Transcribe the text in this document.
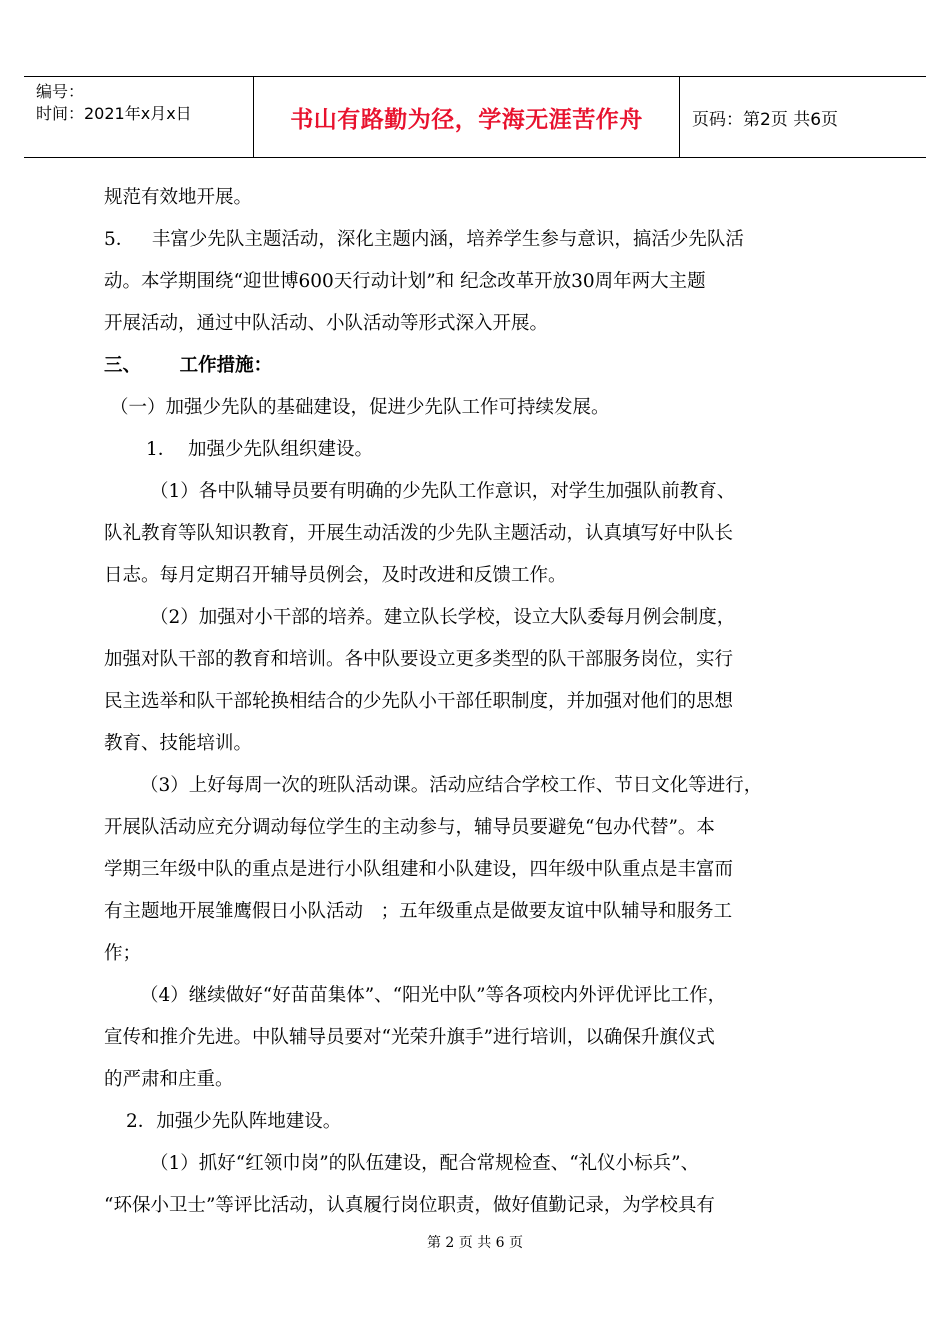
编号：
时间：2021年x月x日	书山有路勤为径，学海无涯苦作舟	页码：第2页 共6页
规范有效地开展。
5．   丰富少先队主题活动，深化主题内涵，培养学生参与意识，搞活少先队活
动。本学期围绕“迎世博600天行动计划”和 纪念改革开放30周年两大主题
开展活动，通过中队活动、小队活动等形式深入开展。
三、      工作措施：
（一）加强少先队的基础建设，促进少先队工作可持续发展。
1．  加强少先队组织建设。
（1）各中队辅导员要有明确的少先队工作意识，对学生加强队前教育、
队礼教育等队知识教育，开展生动活泼的少先队主题活动，认真填写好中队长
日志。每月定期召开辅导员例会，及时改进和反馈工作。
（2）加强对小干部的培养。建立队长学校，设立大队委每月例会制度，
加强对队干部的教育和培训。各中队要设立更多类型的队干部服务岗位，实行
民主选举和队干部轮换相结合的少先队小干部任职制度，并加强对他们的思想
教育、技能培训。
（3）上好每周一次的班队活动课。活动应结合学校工作、节日文化等进行，
开展队活动应充分调动每位学生的主动参与，辅导员要避免“包办代替”。本
学期三年级中队的重点是进行小队组建和小队建设，四年级中队重点是丰富而
有主题地开展雏鹰假日小队活动   ；五年级重点是做要友谊中队辅导和服务工
作；
（4）继续做好“好苗苗集体”、“阳光中队”等各项校内外评优评比工作，
宣传和推介先进。中队辅导员要对“光荣升旗手”进行培训，以确保升旗仪式
的严肃和庄重。
2．加强少先队阵地建设。
（1）抓好“红领巾岗”的队伍建设，配合常规检查、“礼仪小标兵”、
“环保小卫士”等评比活动，认真履行岗位职责，做好值勤记录，为学校具有
第 2 页 共 6 页
